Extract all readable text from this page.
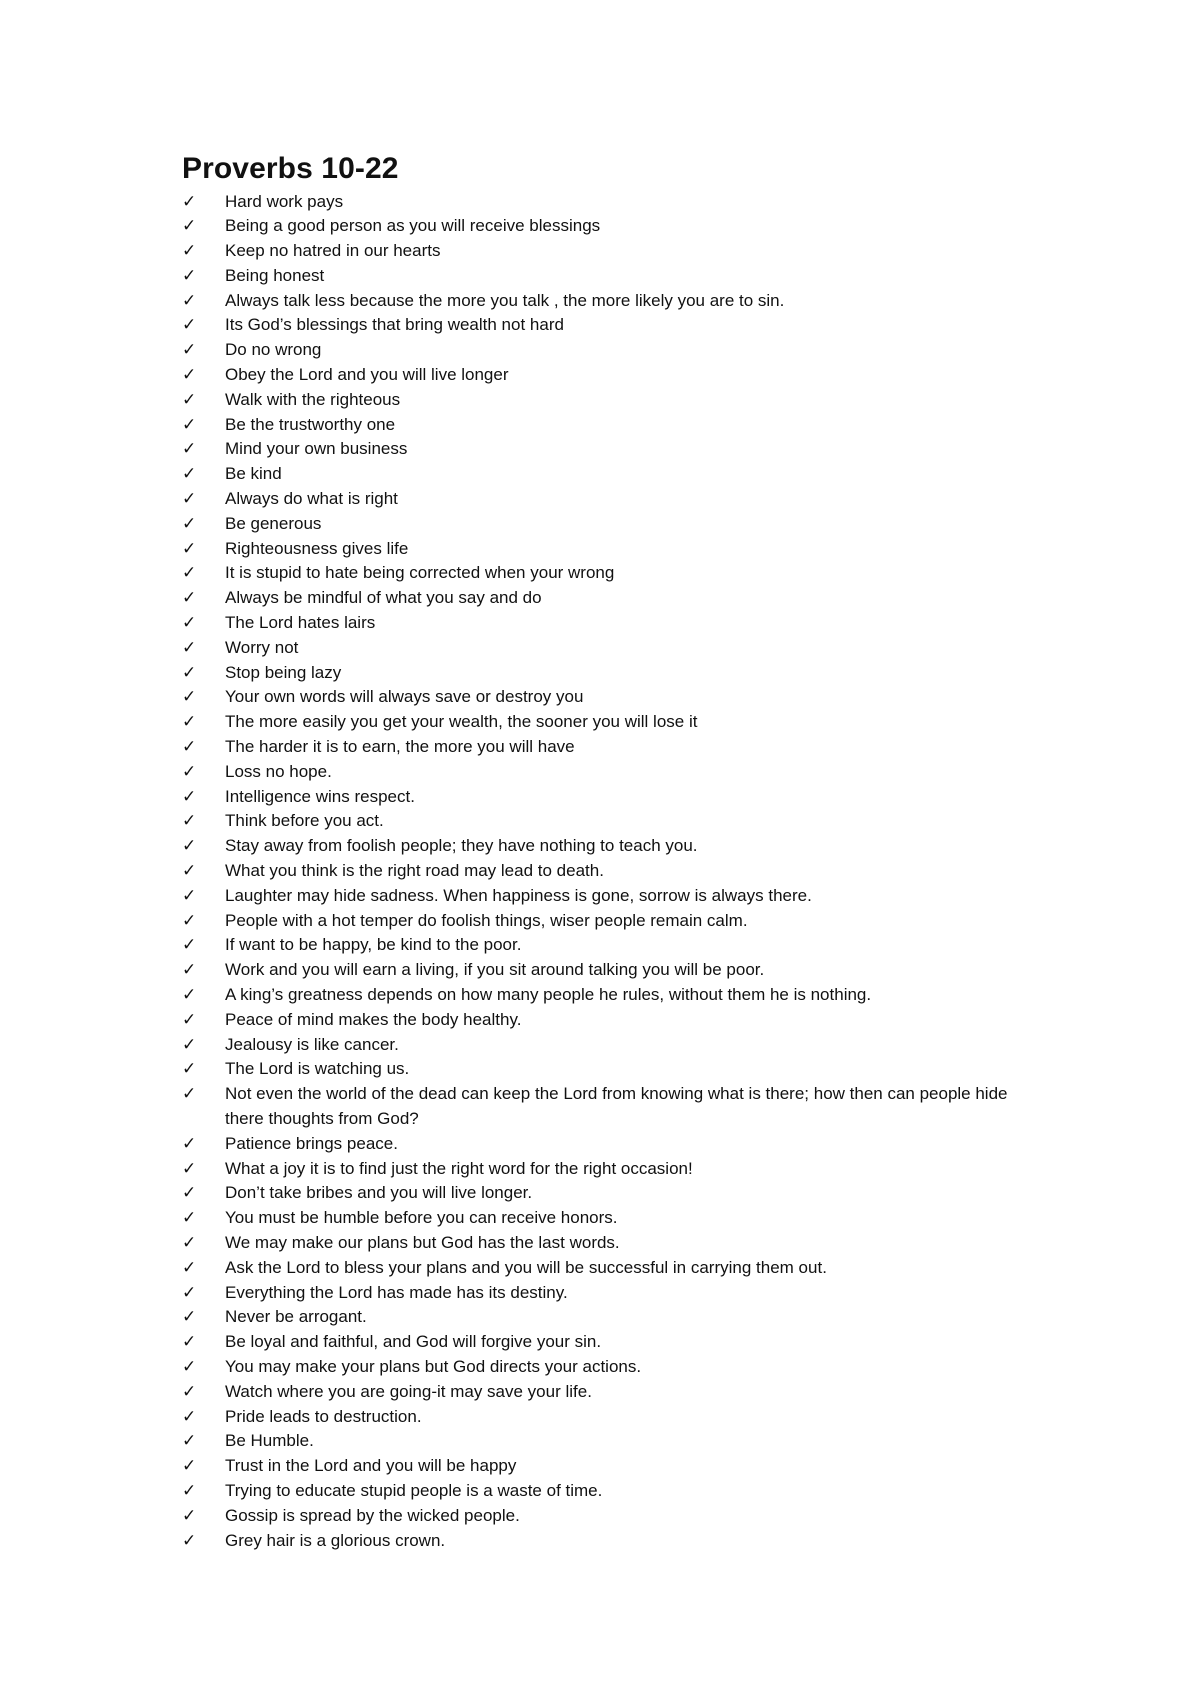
Proverbs 10-22
✓	Hard work pays
✓	Being a good person as you will receive blessings
✓	Keep no hatred in our hearts
✓	Being honest
✓	Always talk less because the more you talk , the more likely you are to sin.
✓	Its God’s blessings that bring wealth not hard
✓	Do no wrong
✓	Obey the Lord and you will live longer
✓	Walk with the righteous
✓	Be the trustworthy one
✓	Mind your own business
✓	Be kind
✓	Always do what is right
✓	Be generous
✓	Righteousness gives life
✓	It is stupid to hate being corrected when your wrong
✓	Always be mindful of what you say and do
✓	The Lord hates lairs
✓	Worry not
✓	Stop being lazy
✓	Your own words will always save or destroy you
✓	The more easily you get your wealth, the sooner you will lose it
✓	The harder it is to earn, the more you will have
✓	Loss no hope.
✓	Intelligence wins respect.
✓	Think before you act.
✓	Stay away from foolish people; they have nothing to teach you.
✓	What you think is the right road may lead to death.
✓	Laughter may hide sadness. When happiness is gone, sorrow is always there.
✓	People with a hot temper do foolish things, wiser people remain calm.
✓	If want to be happy, be kind to the poor.
✓	Work and you will earn a living, if you sit around talking you will be poor.
✓	A king’s greatness depends on how many people he rules, without them he is nothing.
✓	Peace of mind makes the body healthy.
✓	Jealousy is like cancer.
✓	The Lord is watching us.
✓	Not even the world of the dead can keep the Lord from knowing what is there; how then can people hide there thoughts from God?
✓	Patience brings peace.
✓	What a joy it is to find just the right word for the right occasion!
✓	Don’t take bribes and you will live longer.
✓	You must be humble before you can receive honors.
✓	We may make our plans but God has the last words.
✓	Ask the Lord to bless your plans and you will be successful in carrying them out.
✓	Everything the Lord has made has its destiny.
✓	Never be arrogant.
✓	Be loyal and faithful, and God will forgive your sin.
✓	You may make your plans but God directs your actions.
✓	Watch where you are going-it may save your life.
✓	Pride leads to destruction.
✓	Be Humble.
✓	Trust in the Lord and you will be happy
✓	Trying to educate stupid people is a waste of time.
✓	Gossip is spread by the wicked people.
✓	Grey hair is a glorious crown.
